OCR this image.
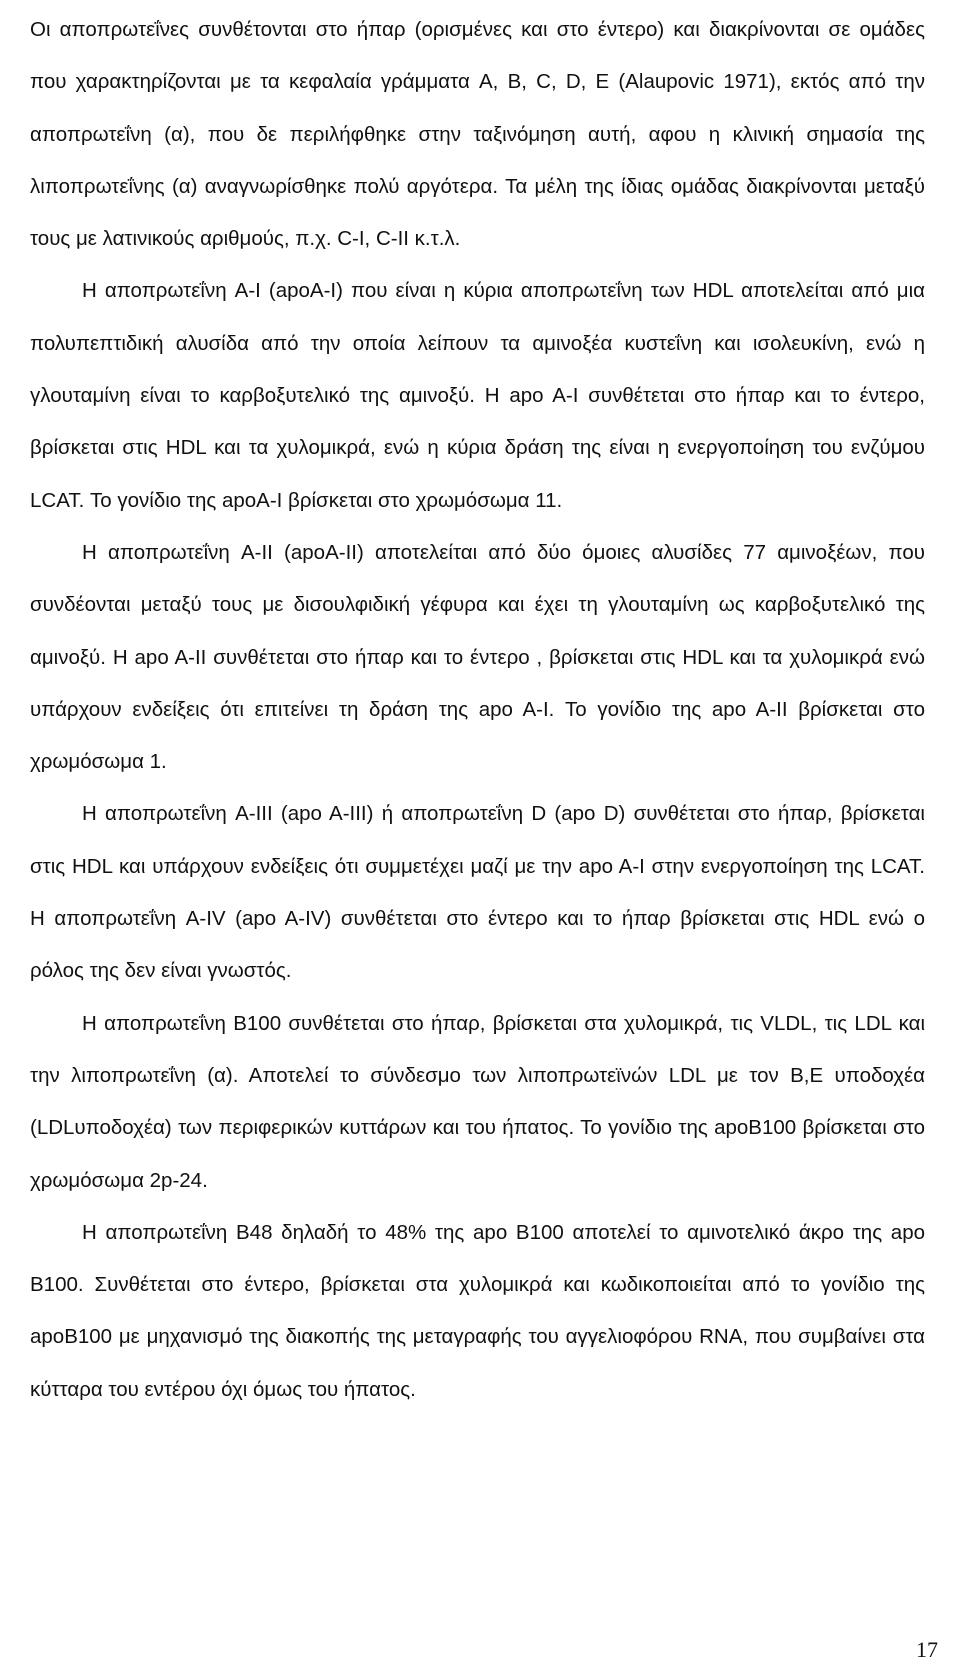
Οι αποπρωτεΐνες συνθέτονται στο ήπαρ (ορισμένες και στο έντερο) και διακρίνονται σε ομάδες που χαρακτηρίζονται με τα κεφαλαία γράμματα A, B, C, D, E (Alaupovic 1971), εκτός από την αποπρωτεΐνη (α), που δε περιλήφθηκε στην ταξινόμηση αυτή, αφου η κλινική σημασία της λιποπρωτεΐνης (α) αναγνωρίσθηκε πολύ αργότερα. Τα μέλη της ίδιας ομάδας διακρίνονται μεταξύ τους με λατινικούς αριθμούς, π.χ. C-I, C-II κ.τ.λ.

Η αποπρωτεΐνη A-I (apoA-I) που είναι η κύρια αποπρωτεΐνη των HDL αποτελείται από μια πολυπεπτιδική αλυσίδα από την οποία λείπουν τα αμινοξέα κυστεΐνη και ισολευκίνη, ενώ η γλουταμίνη είναι το καρβοξυτελικό της αμινοξύ. Η apo A-I συνθέτεται στο ήπαρ και το έντερο, βρίσκεται στις HDL και τα χυλομικρά, ενώ η κύρια δράση της είναι η ενεργοποίηση του ενζύμου LCAT. Το γονίδιο της apoA-I βρίσκεται στο χρωμόσωμα 11.

Η αποπρωτεΐνη A-II (apoA-II) αποτελείται από δύο όμοιες αλυσίδες 77 αμινοξέων, που συνδέονται μεταξύ τους με δισουλφιδική γέφυρα και έχει τη γλουταμίνη ως καρβοξυτελικό της αμινοξύ. Η apo A-II συνθέτεται στο ήπαρ και το έντερο , βρίσκεται στις HDL και τα χυλομικρά ενώ υπάρχουν ενδείξεις ότι επιτείνει τη δράση της apo A-I. Το γονίδιο της apo A-II βρίσκεται στο χρωμόσωμα 1.

Η αποπρωτεΐνη A-III (apo A-III) ή αποπρωτεΐνη D (apo D) συνθέτεται στο ήπαρ, βρίσκεται στις HDL και υπάρχουν ενδείξεις ότι συμμετέχει μαζί με την apo A-I στην ενεργοποίηση της LCAT. Η αποπρωτεΐνη A-IV (apo A-IV) συνθέτεται στο έντερο και το ήπαρ βρίσκεται στις HDL ενώ ο ρόλος της δεν είναι γνωστός.

Η αποπρωτεΐνη B100 συνθέτεται στο ήπαρ, βρίσκεται στα χυλομικρά, τις VLDL, τις LDL και την λιποπρωτεΐνη (α). Αποτελεί το σύνδεσμο των λιποπρωτεϊνών LDL με τον B,E υποδοχέα (LDLυποδοχέα) των περιφερικών κυττάρων και του ήπατος. Το γονίδιο της apoB100 βρίσκεται στο χρωμόσωμα 2p-24.

Η αποπρωτεΐνη B48 δηλαδή το 48% της apo B100 αποτελεί το αμινοτελικό άκρο της apo B100. Συνθέτεται στο έντερο, βρίσκεται στα χυλομικρά και κωδικοποιείται από το γονίδιο της apoB100 με μηχανισμό της διακοπής της μεταγραφής του αγγελιοφόρου RNA, που συμβαίνει στα κύτταρα του εντέρου όχι όμως του ήπατος.

17
